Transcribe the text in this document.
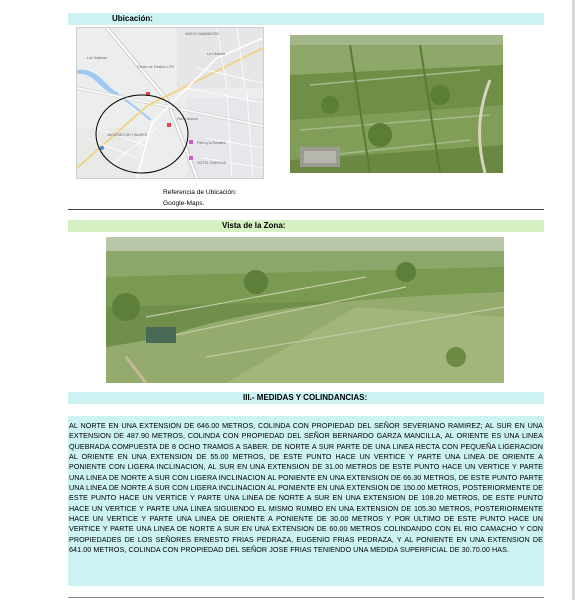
Ubicación:
NUEVO AMANECER
La Cinecita
Los Sabinos
Centro de Gestion LPH
Plaza Aurora
JARDINES DE LINARES
Petro y a Rosales
HOTEL GARCIAS
Referencia de Ubicación:
Google-Maps.
Vista de la Zona:
III.- MEDIDAS Y COLINDANCIAS:
AL NORTE EN UNA EXTENSION DE 646.00 METROS, COLINDA CON PROPIEDAD DEL SEÑOR SEVERIANO RAMIREZ; AL SUR EN UNA EXTENSION DE 487.90 METROS, COLINDA CON PROPIEDAD DEL SEÑOR BERNARDO GARZA MANCILLA, AL ORIENTE ES UNA LINEA QUEBRADA COMPUESTA DE 8 OCHO TRAMOS A SABER. DE NORTE A SUR PARTE DE UNA LINEA RECTA CON PEQUEÑA LIGERACION AL ORIENTE EN UNA EXTENSION DE 55.00 METROS, DE ESTE PUNTO HACE UN VERTICE Y PARTE UNA LINEA DE ORIENTE A PONIENTE CON LIGERA INCLINACION, AL SUR EN UNA EXTENSION DE 31.00 METROS DE ESTE PUNTO HACE UN VERTICE Y PARTE UNA LINEA DE NORTE A SUR CON LIGERA INCLINACION AL PONIENTE EN UNA EXTENSION DE 66.30 METROS, DE ESTE PUNTO PARTE UNA LINEA DE NORTE A SUR CON LIGERA INCLINACION AL PONIENTE EN UNA EXTENSION DE 150.00 METROS, POSTERIORMENTE DE ESTE PUNTO HACE UN VERTICE Y PARTE UNA LINEA DE NORTE A SUR EN UNA EXTENSION DE 108.20 METROS, DE ESTE PUNTO HACE UN VERTICE Y PARTE UNA LINEA SIGUIENDO EL MISMO RUMBO EN UNA EXTENSION DE 105.30 METROS, POSTERIORMENTE HACE UN VERTICE Y PARTE UNA LINEA DE ORIENTE A PONIENTE DE 30.00 METROS Y POR ULTIMO DE ESTE PUNTO HACE UN VERTICE Y PARTE UNA LINEA DE NORTE A SUR EN UNA EXTENSION DE 60.00 METROS COLINDANDO CON EL RIO CAMACHO Y CON PROPIEDADES DE LOS SEÑORES ERNESTO FRIAS PEDRAZA, EUGENIO FRIAS PEDRAZA, Y AL PONIENTE EN UNA EXTENSION DE 641.00 METROS, COLINDA CON PROPIEDAD DEL SEÑOR JOSE FRIAS TENIENDO UNA MEDIDA SUPERFICIAL DE 30.70.00 HAS.
